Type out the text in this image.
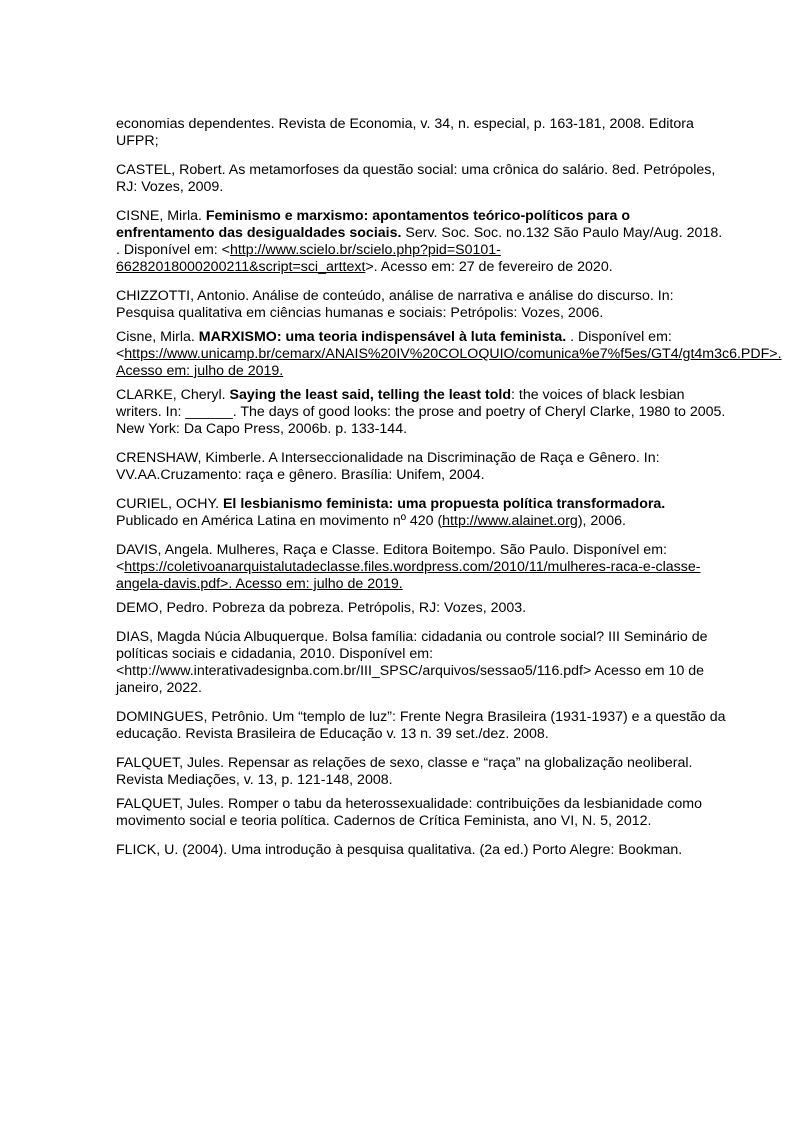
economias dependentes. Revista de Economia, v. 34, n. especial, p. 163-181, 2008. Editora UFPR;

CASTEL, Robert. As metamorfoses da questão social: uma crônica do salário. 8ed. Petrópoles, RJ: Vozes, 2009.

CISNE, Mirla. Feminismo e marxismo: apontamentos teórico-políticos para o enfrentamento das desigualdades sociais. Serv. Soc. Soc. no.132 São Paulo May/Aug. 2018. . Disponível em: <http://www.scielo.br/scielo.php?pid=S0101-66282018000200211&script=sci_arttext>. Acesso em: 27 de fevereiro de 2020.

CHIZZOTTI, Antonio. Análise de conteúdo, análise de narrativa e análise do discurso. In: Pesquisa qualitativa em ciências humanas e sociais: Petrópolis: Vozes, 2006.

Cisne, Mirla. MARXISMO: uma teoria indispensável à luta feminista. . Disponível em: <https://www.unicamp.br/cemarx/ANAIS%20IV%20COLOQUIO/comunica%e7%f5es/GT4/gt4m3c6.PDF>. Acesso em: julho de 2019.

CLARKE, Cheryl. Saying the least said, telling the least told: the voices of black lesbian writers. In: ______. The days of good looks: the prose and poetry of Cheryl Clarke, 1980 to 2005. New York: Da Capo Press, 2006b. p. 133-144.

CRENSHAW, Kimberle. A Interseccionalidade na Discriminação de Raça e Gênero. In: VV.AA.Cruzamento: raça e gênero. Brasília: Unifem, 2004.

CURIEL, OCHY. El lesbianismo feminista: uma propuesta política transformadora. Publicado en América Latina en movimento nº 420 (http://www.alainet.org), 2006.

DAVIS, Angela. Mulheres, Raça e Classe. Editora Boitempo. São Paulo. Disponível em: <https://coletivoanarquistalutadeclasse.files.wordpress.com/2010/11/mulheres-raca-e-classe-angela-davis.pdf>. Acesso em: julho de 2019.

DEMO, Pedro. Pobreza da pobreza. Petrópolis, RJ: Vozes, 2003.

DIAS, Magda Núcia Albuquerque. Bolsa família: cidadania ou controle social? III Seminário de políticas sociais e cidadania, 2010. Disponível em: <http://www.interativadesignba.com.br/III_SPSC/arquivos/sessao5/116.pdf> Acesso em 10 de janeiro, 2022.

DOMINGUES, Petrônio. Um “templo de luz”: Frente Negra Brasileira (1931-1937) e a questão da educação. Revista Brasileira de Educação v. 13 n. 39 set./dez. 2008.

FALQUET, Jules. Repensar as relações de sexo, classe e “raça” na globalização neoliberal. Revista Mediações, v. 13, p. 121-148, 2008.

FALQUET, Jules. Romper o tabu da heterossexualidade: contribuições da lesbianidade como movimento social e teoria política. Cadernos de Crítica Feminista, ano VI, N. 5, 2012.

FLICK, U. (2004). Uma introdução à pesquisa qualitativa. (2a ed.) Porto Alegre: Bookman.
